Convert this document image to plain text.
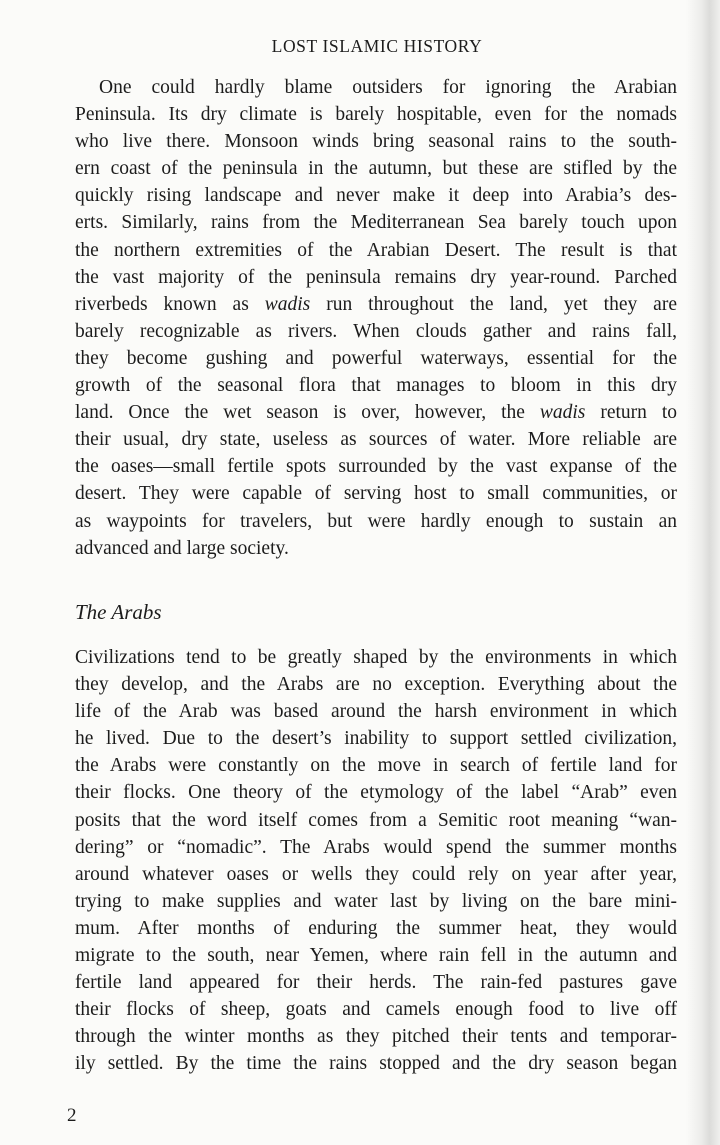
LOST ISLAMIC HISTORY
One could hardly blame outsiders for ignoring the Arabian
Peninsula. Its dry climate is barely hospitable, even for the nomads
who live there. Monsoon winds bring seasonal rains to the south-
ern coast of the peninsula in the autumn, but these are stifled by the
quickly rising landscape and never make it deep into Arabia’s des-
erts. Similarly, rains from the Mediterranean Sea barely touch upon
the northern extremities of the Arabian Desert. The result is that
the vast majority of the peninsula remains dry year-round. Parched
riverbeds known as wadis run throughout the land, yet they are
barely recognizable as rivers. When clouds gather and rains fall,
they become gushing and powerful waterways, essential for the
growth of the seasonal flora that manages to bloom in this dry
land. Once the wet season is over, however, the wadis return to
their usual, dry state, useless as sources of water. More reliable are
the oases—small fertile spots surrounded by the vast expanse of the
desert. They were capable of serving host to small communities, or
as waypoints for travelers, but were hardly enough to sustain an
advanced and large society.
The Arabs
Civilizations tend to be greatly shaped by the environments in which
they develop, and the Arabs are no exception. Everything about the
life of the Arab was based around the harsh environment in which
he lived. Due to the desert’s inability to support settled civilization,
the Arabs were constantly on the move in search of fertile land for
their flocks. One theory of the etymology of the label “Arab” even
posits that the word itself comes from a Semitic root meaning “wan-
dering” or “nomadic”. The Arabs would spend the summer months
around whatever oases or wells they could rely on year after year,
trying to make supplies and water last by living on the bare mini-
mum. After months of enduring the summer heat, they would
migrate to the south, near Yemen, where rain fell in the autumn and
fertile land appeared for their herds. The rain-fed pastures gave
their flocks of sheep, goats and camels enough food to live off
through the winter months as they pitched their tents and temporar-
ily settled. By the time the rains stopped and the dry season began
2
